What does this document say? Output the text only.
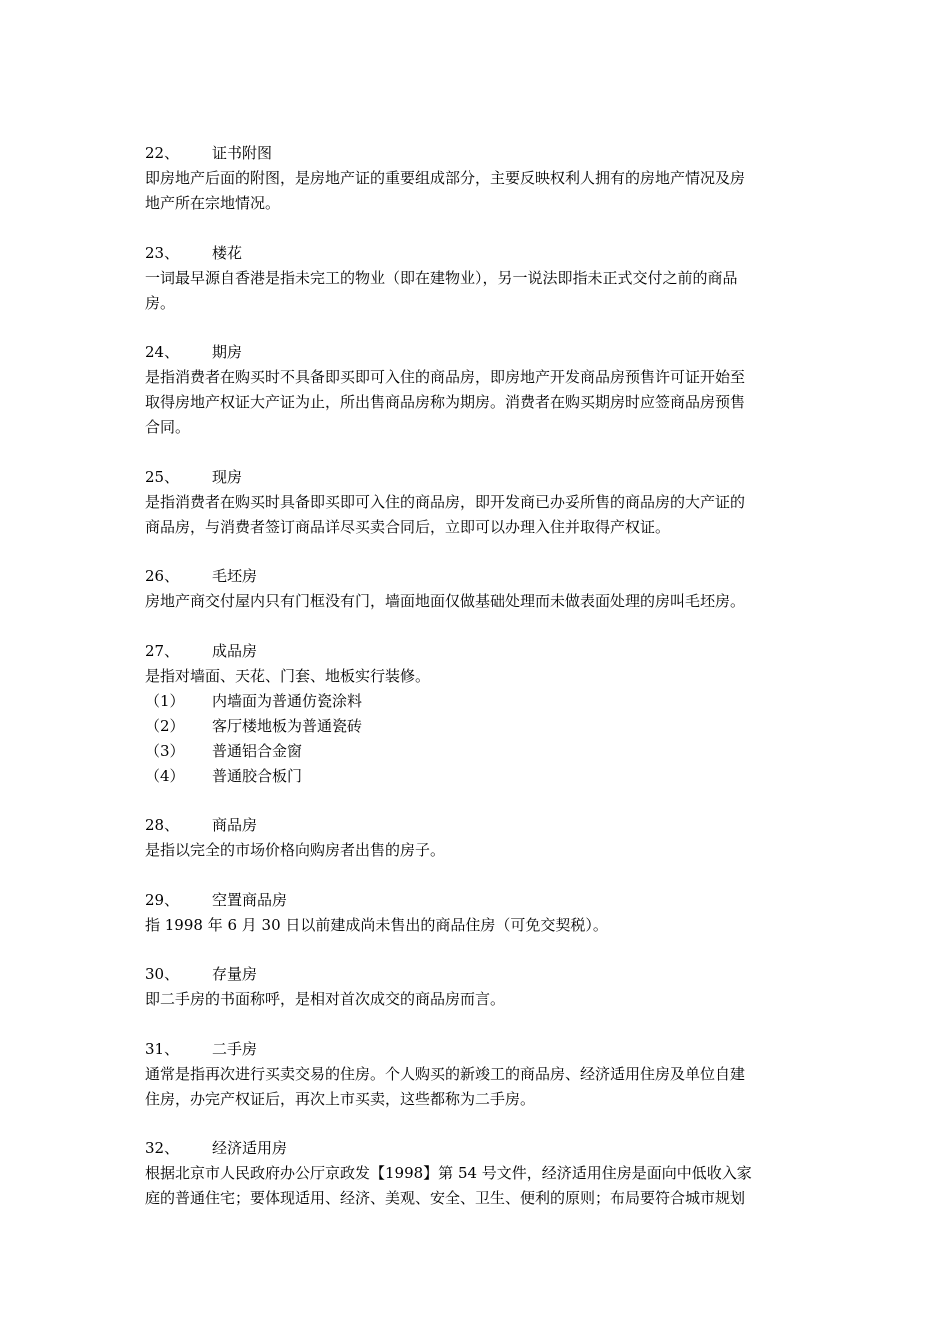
22、	证书附图
即房地产后面的附图，是房地产证的重要组成部分，主要反映权利人拥有的房地产情况及房
地产所在宗地情况。
23、	楼花
一词最早源自香港是指未完工的物业（即在建物业），另一说法即指未正式交付之前的商品
房。
24、	期房
是指消费者在购买时不具备即买即可入住的商品房，即房地产开发商品房预售许可证开始至
取得房地产权证大产证为止，所出售商品房称为期房。消费者在购买期房时应签商品房预售
合同。
25、	现房
是指消费者在购买时具备即买即可入住的商品房，即开发商已办妥所售的商品房的大产证的
商品房，与消费者签订商品详尽买卖合同后，立即可以办理入住并取得产权证。
26、	毛坯房
房地产商交付屋内只有门框没有门，墙面地面仅做基础处理而未做表面处理的房叫毛坯房。
27、	成品房
是指对墙面、天花、门套、地板实行装修。
（1）	内墙面为普通仿瓷涂料
（2）	客厅楼地板为普通瓷砖
（3）	普通铝合金窗
（4）	普通胶合板门
28、	商品房
是指以完全的市场价格向购房者出售的房子。
29、	空置商品房
指 1998 年 6 月 30 日以前建成尚未售出的商品住房（可免交契税）。
30、	存量房
即二手房的书面称呼，是相对首次成交的商品房而言。
31、	二手房
通常是指再次进行买卖交易的住房。个人购买的新竣工的商品房、经济适用住房及单位自建
住房，办完产权证后，再次上市买卖，这些都称为二手房。
32、	经济适用房
根据北京市人民政府办公厅京政发【1998】第 54 号文件，经济适用住房是面向中低收入家
庭的普通住宅；要体现适用、经济、美观、安全、卫生、便利的原则；布局要符合城市规划
